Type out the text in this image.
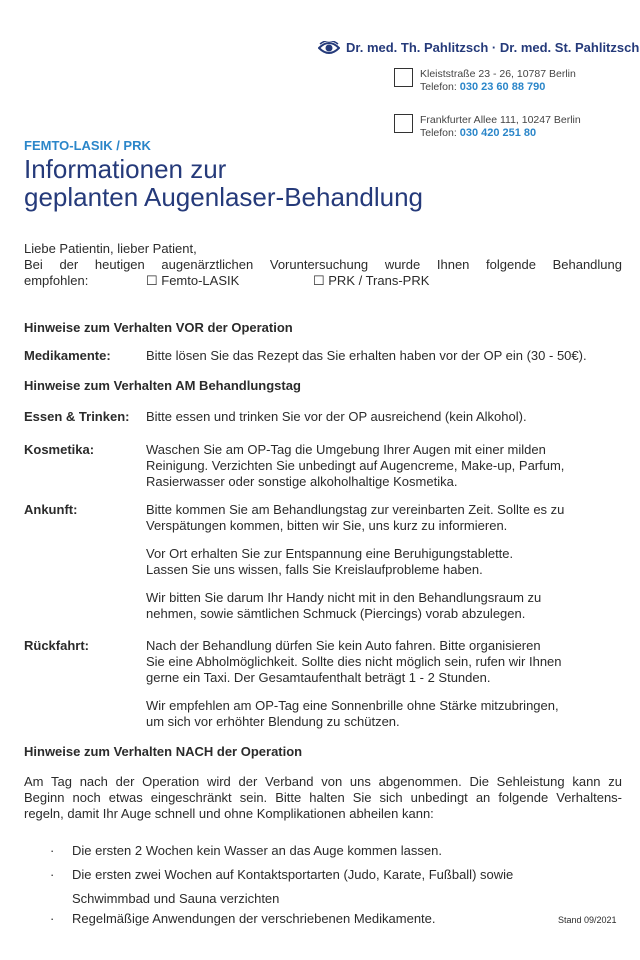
Dr. med. Th. Pahlitzsch · Dr. med. St. Pahlitzsch
Kleiststraße 23 - 26, 10787 Berlin
Telefon: 030 23 60 88 790
Frankfurter Allee 111, 10247 Berlin
Telefon: 030 420 251 80
FEMTO-LASIK / PRK
Informationen zur
geplanten Augenlaser-Behandlung
Liebe Patientin, lieber Patient,
Bei der heutigen augenärztlichen Voruntersuchung wurde Ihnen folgende Behandlung
empfohlen:	☐ Femto-LASIK	☐ PRK / Trans-PRK
Hinweise zum Verhalten VOR der Operation
Medikamente:	Bitte lösen Sie das Rezept das Sie erhalten haben vor der OP ein (30 - 50€).
Hinweise zum Verhalten AM Behandlungstag
Essen & Trinken: Bitte essen und trinken Sie vor der OP ausreichend (kein Alkohol).
Kosmetika:	Waschen Sie am OP-Tag die Umgebung Ihrer Augen mit einer milden
Reinigung. Verzichten Sie unbedingt auf Augencreme, Make-up, Parfum,
Rasierwasser oder sonstige alkoholhaltige Kosmetika.
Ankunft:	Bitte kommen Sie am Behandlungstag zur vereinbarten Zeit. Sollte es zu
Verspätungen kommen, bitten wir Sie, uns kurz zu informieren.
Vor Ort erhalten Sie zur Entspannung eine Beruhigungstablette.
Lassen Sie uns wissen, falls Sie Kreislaufprobleme haben.
Wir bitten Sie darum Ihr Handy nicht mit in den Behandlungsraum zu
nehmen, sowie sämtlichen Schmuck (Piercings) vorab abzulegen.
Rückfahrt:	Nach der Behandlung dürfen Sie kein Auto fahren. Bitte organisieren
Sie eine Abholmöglichkeit. Sollte dies nicht möglich sein, rufen wir Ihnen
gerne ein Taxi. Der Gesamtaufenthalt beträgt 1 - 2 Stunden.
Wir empfehlen am OP-Tag eine Sonnenbrille ohne Stärke mitzubringen,
um sich vor erhöhter Blendung zu schützen.
Hinweise zum Verhalten NACH der Operation
Am Tag nach der Operation wird der Verband von uns abgenommen. Die Sehleistung kann zu
Beginn noch etwas eingeschränkt sein. Bitte halten Sie sich unbedingt an folgende Verhaltens-
regeln, damit Ihr Auge schnell und ohne Komplikationen abheilen kann:
· Die ersten 2 Wochen kein Wasser an das Auge kommen lassen.
· Die ersten zwei Wochen auf Kontaktsportarten (Judo, Karate, Fußball) sowie
Schwimmbad und Sauna verzichten
· Regelmäßige Anwendungen der verschriebenen Medikamente.	Stand 09/2021
